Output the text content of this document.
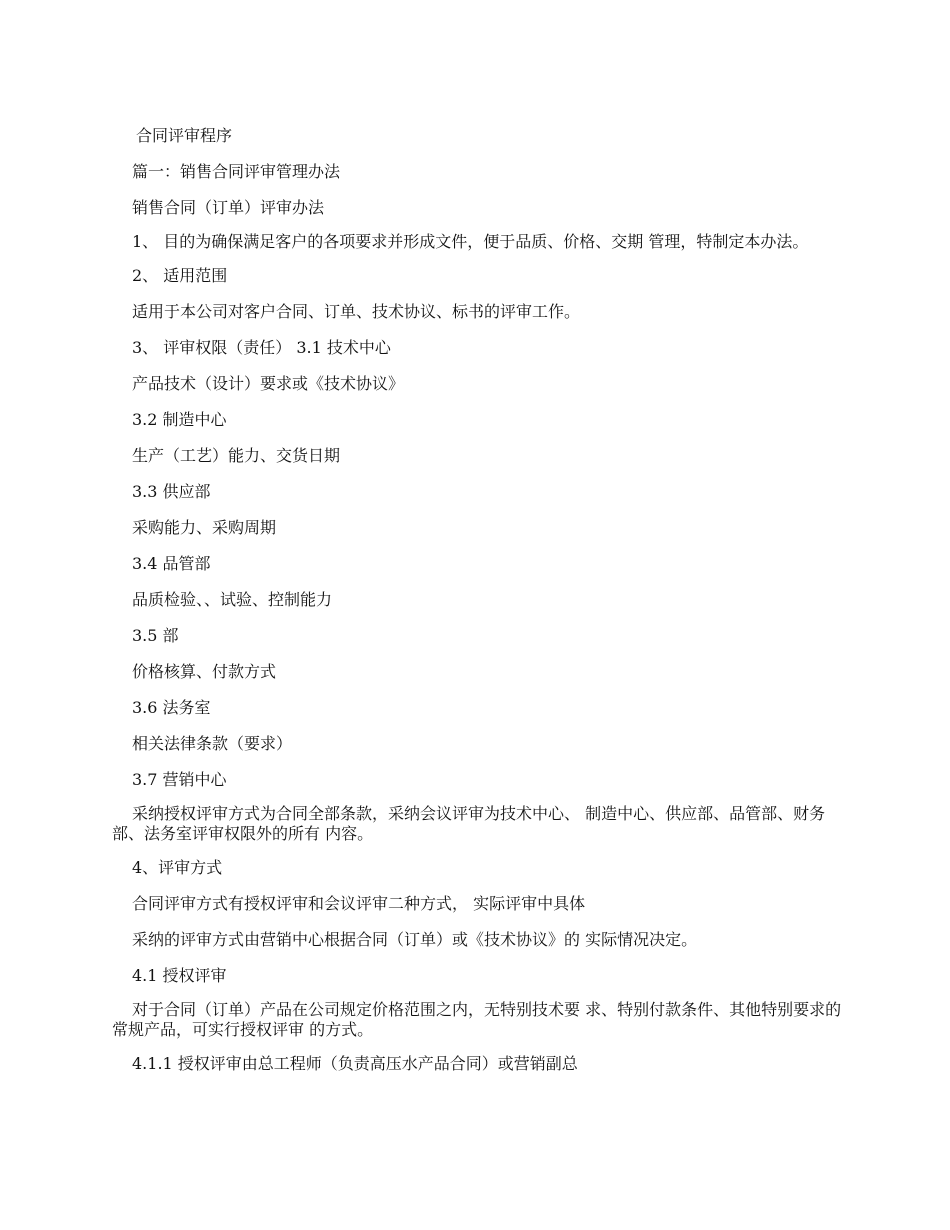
合同评审程序

篇一：销售合同评审管理办法

销售合同（订单）评审办法

1、 目的为确保满足客户的各项要求并形成文件，便于品质、价格、交期 管理，特制定本办法。

2、 适用范围

适用于本公司对客户合同、订单、技术协议、标书的评审工作。

3、 评审权限（责任） 3.1 技术中心

产品技术（设计）要求或《技术协议》

3.2 制造中心

生产（工艺）能力、交货日期

3.3 供应部

采购能力、采购周期

3.4 品管部

品质检验、、试验、控制能力

3.5 部

价格核算、付款方式

3.6 法务室

相关法律条款（要求）

3.7 营销中心

采纳授权评审方式为合同全部条款，采纳会议评审为技术中心、 制造中心、供应部、品管部、财务部、法务室评审权限外的所有 内容。

4、评审方式

合同评审方式有授权评审和会议评审二种方式， 实际评审中具体

采纳的评审方式由营销中心根据合同（订单）或《技术协议》的 实际情况决定。

4.1 授权评审

对于合同（订单）产品在公司规定价格范围之内，无特别技术要 求、特别付款条件、其他特别要求的常规产品，可实行授权评审 的方式。

4.1.1 授权评审由总工程师（负责高压水产品合同）或营销副总
